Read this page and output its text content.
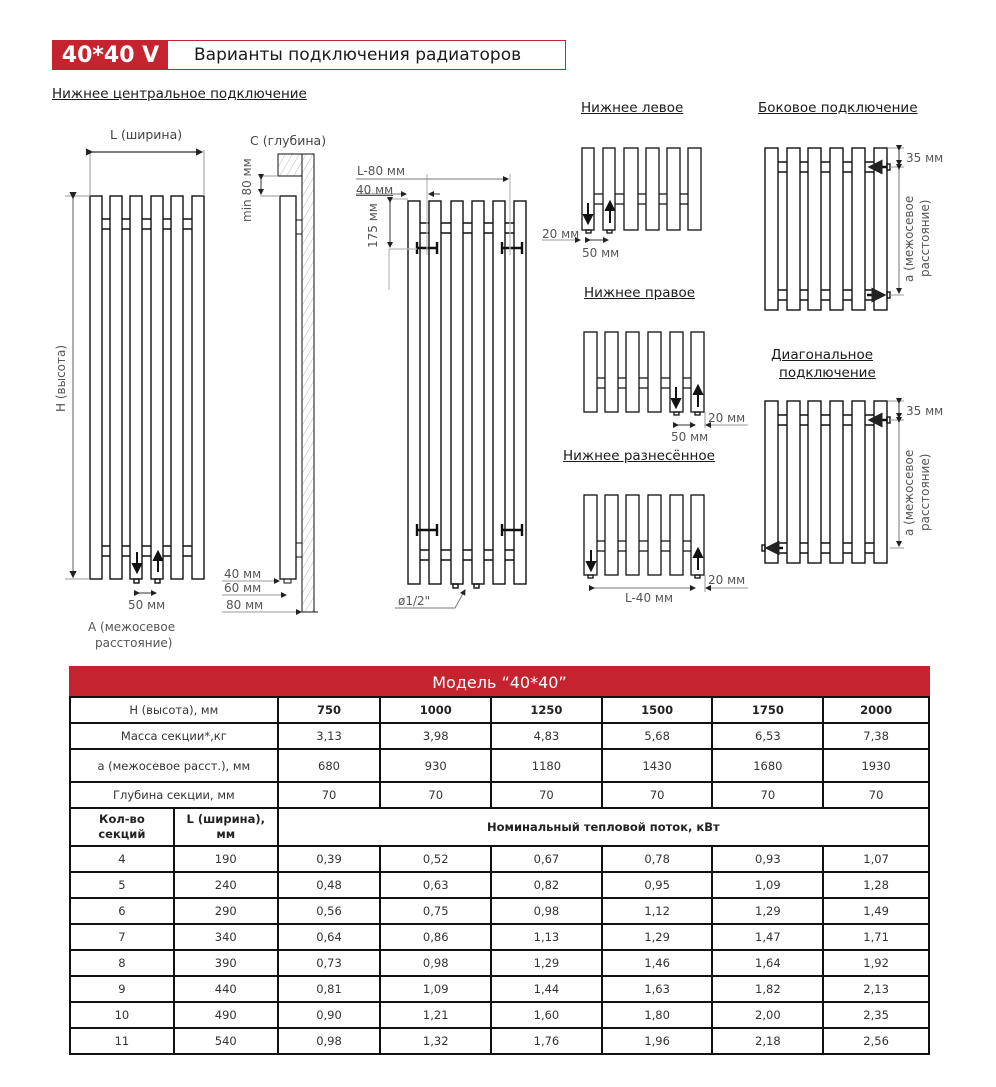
40*40 V	Варианты подключения радиаторов
Нижнее центральное подключение
Нижнее левое	Боковое подключение
Нижнее правое
Диагональное
подключение
Нижнее разнесённое
L (ширина)
H (высота)
50 мм
А (межосевое
расстояние)
C (глубина)
min 80 мм
40 мм
60 мм
80 мм
L-80 мм
40 мм
175 мм
ø1/2"
20 мм
50 мм
35 мм
а (межосевое расстояние)
20 мм
50 мм
35 мм
а (межосевое расстояние)
20 мм
L-40 мм
Модель “40*40”							
H (высота), мм		750	1000	1250	1500	1750	2000
Масса секции*,кг		3,13	3,98	4,83	5,68	6,53	7,38
а (межосевое расст.), мм		680	930	1180	1430	1680	1930
Глубина секции, мм		70	70	70	70	70	70
Кол-во
секций	L (ширина),
мм	Номинальный тепловой поток, кВт					
4	190	0,39	0,52	0,67	0,78	0,93	1,07
5	240	0,48	0,63	0,82	0,95	1,09	1,28
6	290	0,56	0,75	0,98	1,12	1,29	1,49
7	340	0,64	0,86	1,13	1,29	1,47	1,71
8	390	0,73	0,98	1,29	1,46	1,64	1,92
9	440	0,81	1,09	1,44	1,63	1,82	2,13
10	490	0,90	1,21	1,60	1,80	2,00	2,35
11	540	0,98	1,32	1,76	1,96	2,18	2,56
